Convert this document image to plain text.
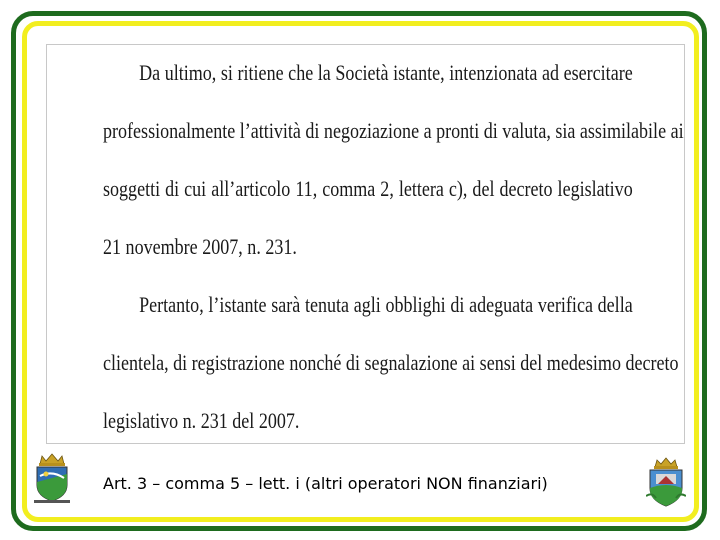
Da ultimo, si ritiene che la Società istante, intenzionata ad esercitare
professionalmente l’attività di negoziazione a pronti di valuta, sia assimilabile ai
soggetti di cui all’articolo 11, comma 2, lettera c), del decreto legislativo
21 novembre 2007, n. 231.
Pertanto, l’istante sarà tenuta agli obblighi di adeguata verifica della
clientela, di registrazione nonché di segnalazione ai sensi del medesimo decreto
legislativo n. 231 del 2007.
Art. 3 – comma 5 – lett. i (altri operatori NON finanziari)
